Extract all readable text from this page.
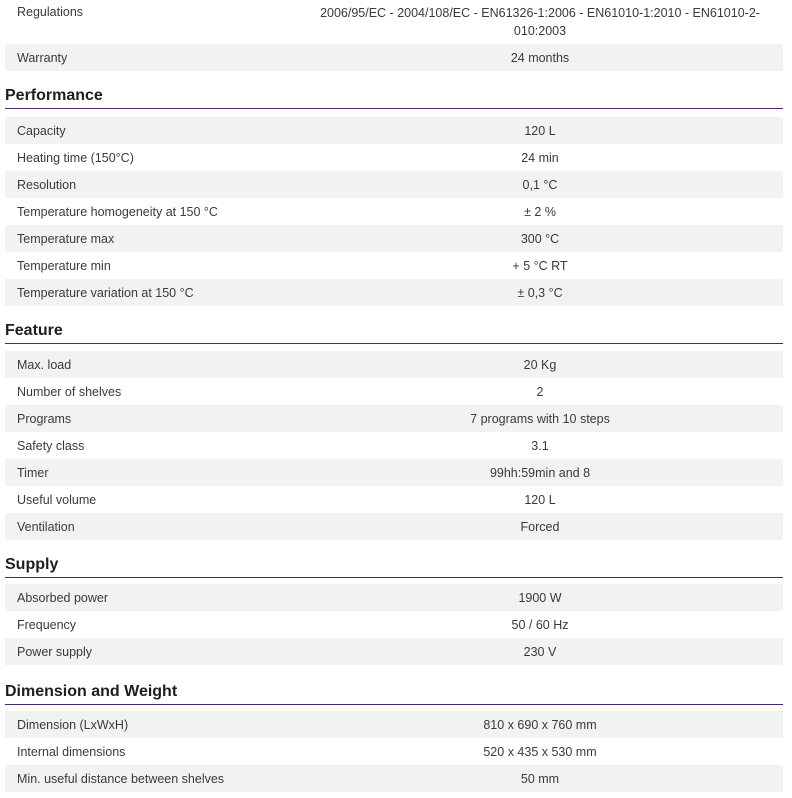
Regulations	2006/95/EC - 2004/108/EC - EN61326-1:2006 - EN61010-1:2010 - EN61010-2-010:2003
Warranty	24 months
Performance
Capacity	120 L
Heating time (150°C)	24 min
Resolution	0,1 °C
Temperature homogeneity at 150 °C	± 2 %
Temperature max	300 °C
Temperature min	+ 5 °C RT
Temperature variation at 150 °C	± 0,3 °C
Feature
Max. load	20 Kg
Number of shelves	2
Programs	7 programs with 10 steps
Safety class	3.1
Timer	99hh:59min and 8
Useful volume	120 L
Ventilation	Forced
Supply
Absorbed power	1900 W
Frequency	50 / 60 Hz
Power supply	230 V
Dimension and Weight
Dimension (LxWxH)	810 x 690 x 760 mm
Internal dimensions	520 x 435 x 530 mm
Min. useful distance between shelves	50 mm
